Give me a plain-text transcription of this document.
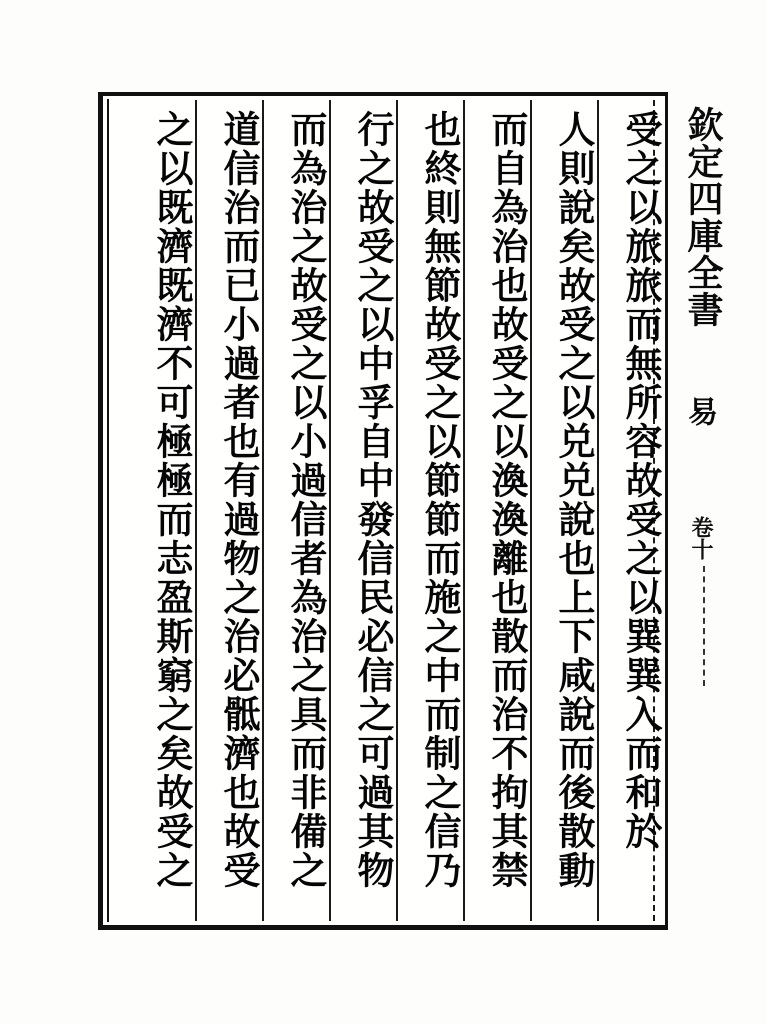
受之以旅旅而無所容故受之以巽巽入而和於
人則說矣故受之以兑兑說也上下咸說而後散動
而自為治也故受之以渙渙離也散而治不拘其禁
也終則無節故受之以節節而施之中而制之信乃
行之故受之以中孚自中發信民必信之可過其物
而為治之故受之以小過信者為治之具而非備之
道信治而已小過者也有過物之治必骶濟也故受
之以既濟既濟不可極極而志盈斯窮之矣故受之	欽定四庫全書
易
卷十
